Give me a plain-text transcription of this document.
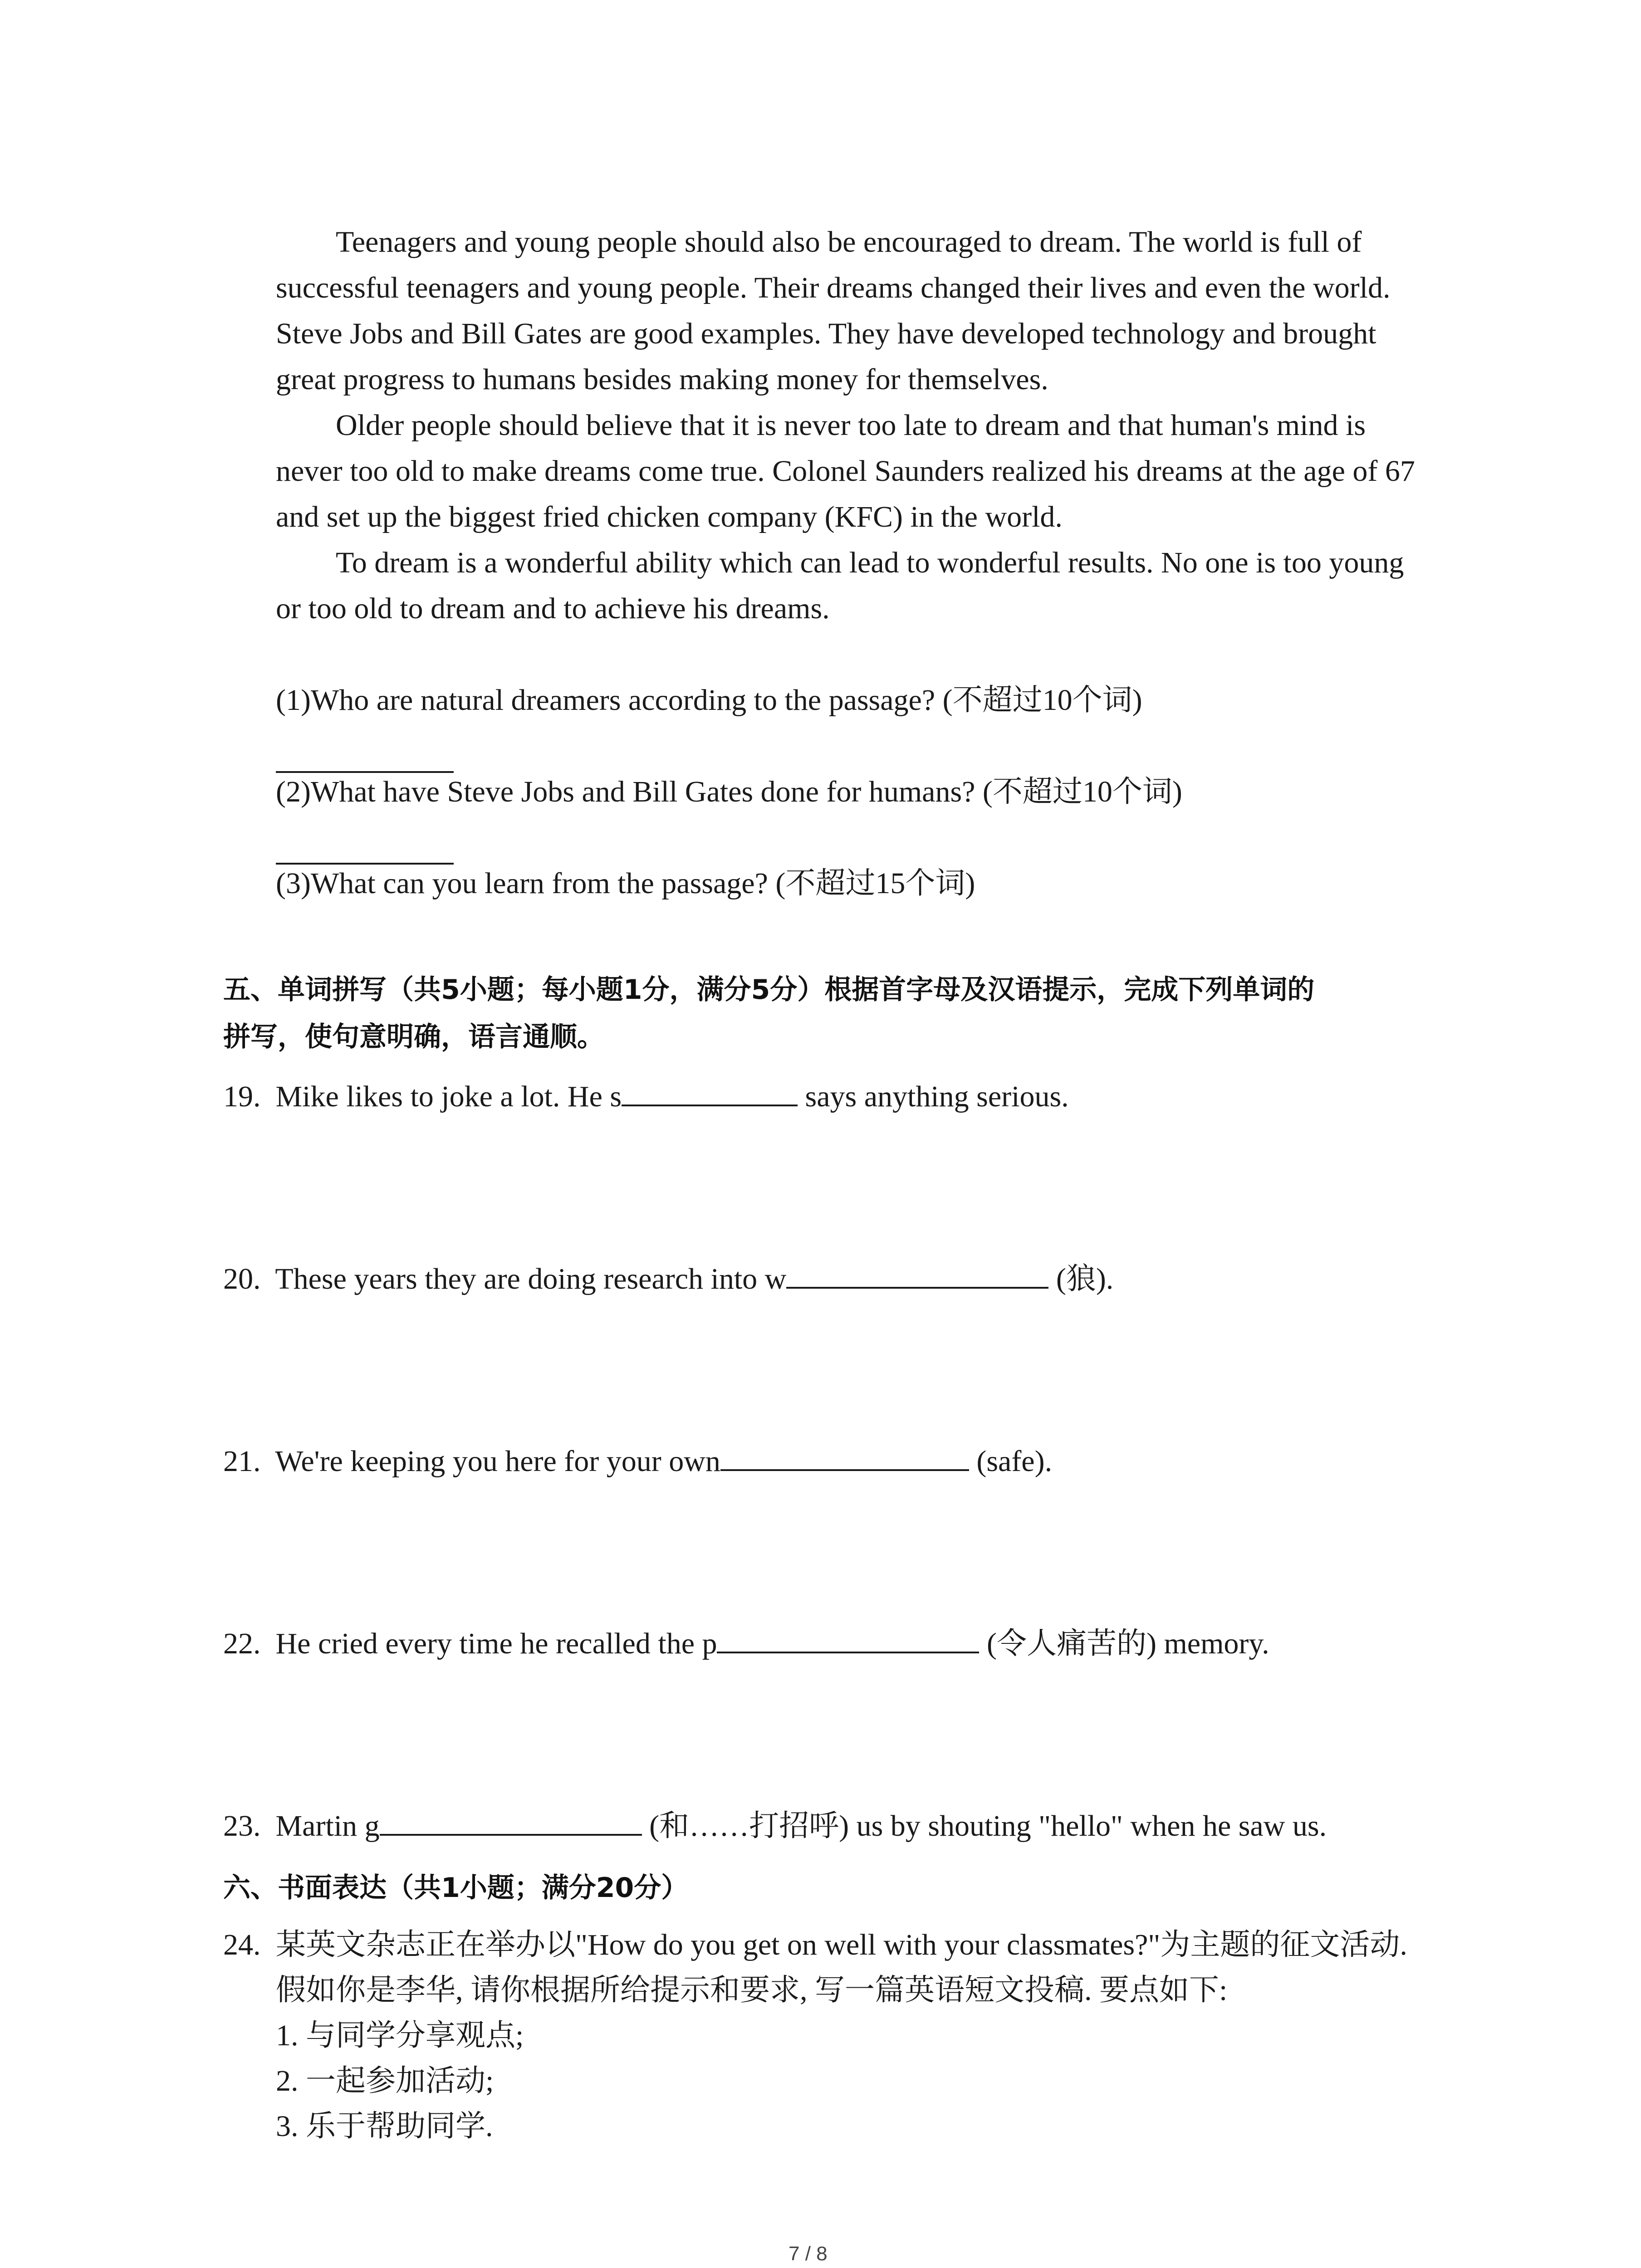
Teenagers and young people should also be encouraged to dream. The world is full of
successful teenagers and young people. Their dreams changed their lives and even the world.
Steve Jobs and Bill Gates are good examples. They have developed technology and brought
great progress to humans besides making money for themselves.
Older people should believe that it is never too late to dream and that human's mind is
never too old to make dreams come true. Colonel Saunders realized his dreams at the age of 67
and set up the biggest fried chicken company (KFC) in the world.
To dream is a wonderful ability which can lead to wonderful results. No one is too young
or too old to dream and to achieve his dreams.
(1)Who are natural dreamers according to the passage? (不超过10个词)
(2)What have Steve Jobs and Bill Gates done for humans? (不超过10个词)
(3)What can you learn from the passage? (不超过15个词)
五、单词拼写（共5小题；每小题1分，满分5分）根据首字母及汉语提示，完成下列单词的
拼写，使句意明确，语言通顺。
19. Mike likes to joke a lot. He s	says anything serious.
20. These years they are doing research into w	(狼).
21. We're keeping you here for your own	(safe).
22. He cried every time he recalled the p	(令人痛苦的) memory.
23. Martin g	(和……打招呼) us by shouting "hello" when he saw us.
六、书面表达（共1小题；满分20分）
24. 某英文杂志正在举办以"How do you get on well with your classmates?"为主题的征文活动.
假如你是李华, 请你根据所给提示和要求, 写一篇英语短文投稿. 要点如下:
1. 与同学分享观点;
2. 一起参加活动;
3. 乐于帮助同学.
7 / 8
